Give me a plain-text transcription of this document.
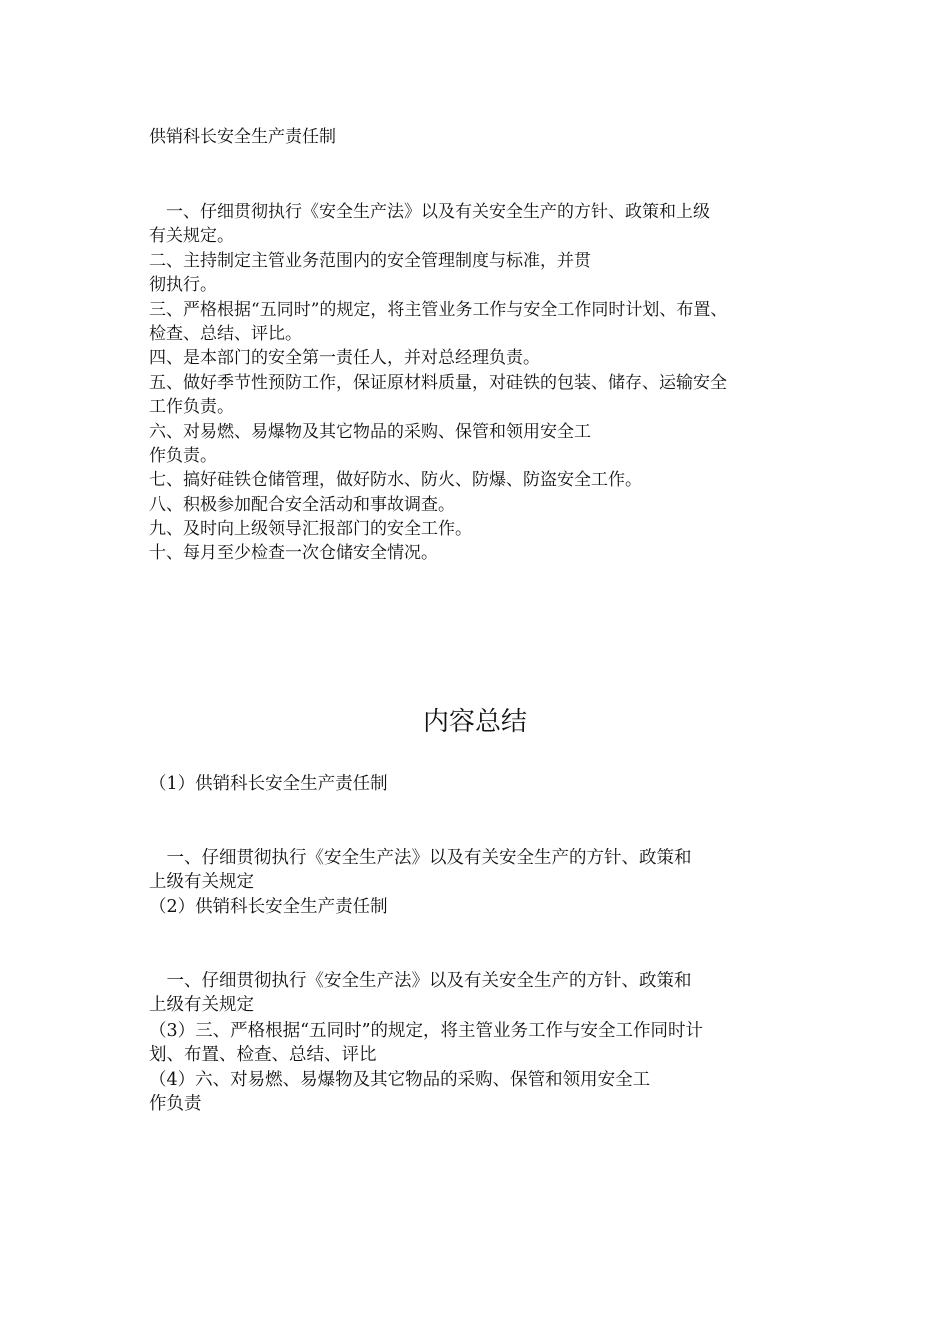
供销科长安全生产责任制

　一、仔细贯彻执行《安全生产法》以及有关安全生产的方针、政策和上级
有关规定。
二、主持制定主管业务范围内的安全管理制度与标准，并贯
彻执行。
三、严格根据“五同时”的规定，将主管业务工作与安全工作同时计划、布置、
检查、总结、评比。
四、是本部门的安全第一责任人，并对总经理负责。
五、做好季节性预防工作，保证原材料质量，对硅铁的包装、储存、运输安全
工作负责。
六、对易燃、易爆物及其它物品的采购、保管和领用安全工
作负责。
七、搞好硅铁仓储管理，做好防水、防火、防爆、防盗安全工作。
八、积极参加配合安全活动和事故调查。
九、及时向上级领导汇报部门的安全工作。
十、每月至少检查一次仓储安全情况。
内容总结
（1）供销科长安全生产责任制
　一、仔细贯彻执行《安全生产法》以及有关安全生产的方针、政策和
上级有关规定
（2）供销科长安全生产责任制
　一、仔细贯彻执行《安全生产法》以及有关安全生产的方针、政策和
上级有关规定
（3）三、严格根据“五同时”的规定，将主管业务工作与安全工作同时计
划、布置、检查、总结、评比
（4）六、对易燃、易爆物及其它物品的采购、保管和领用安全工
作负责
